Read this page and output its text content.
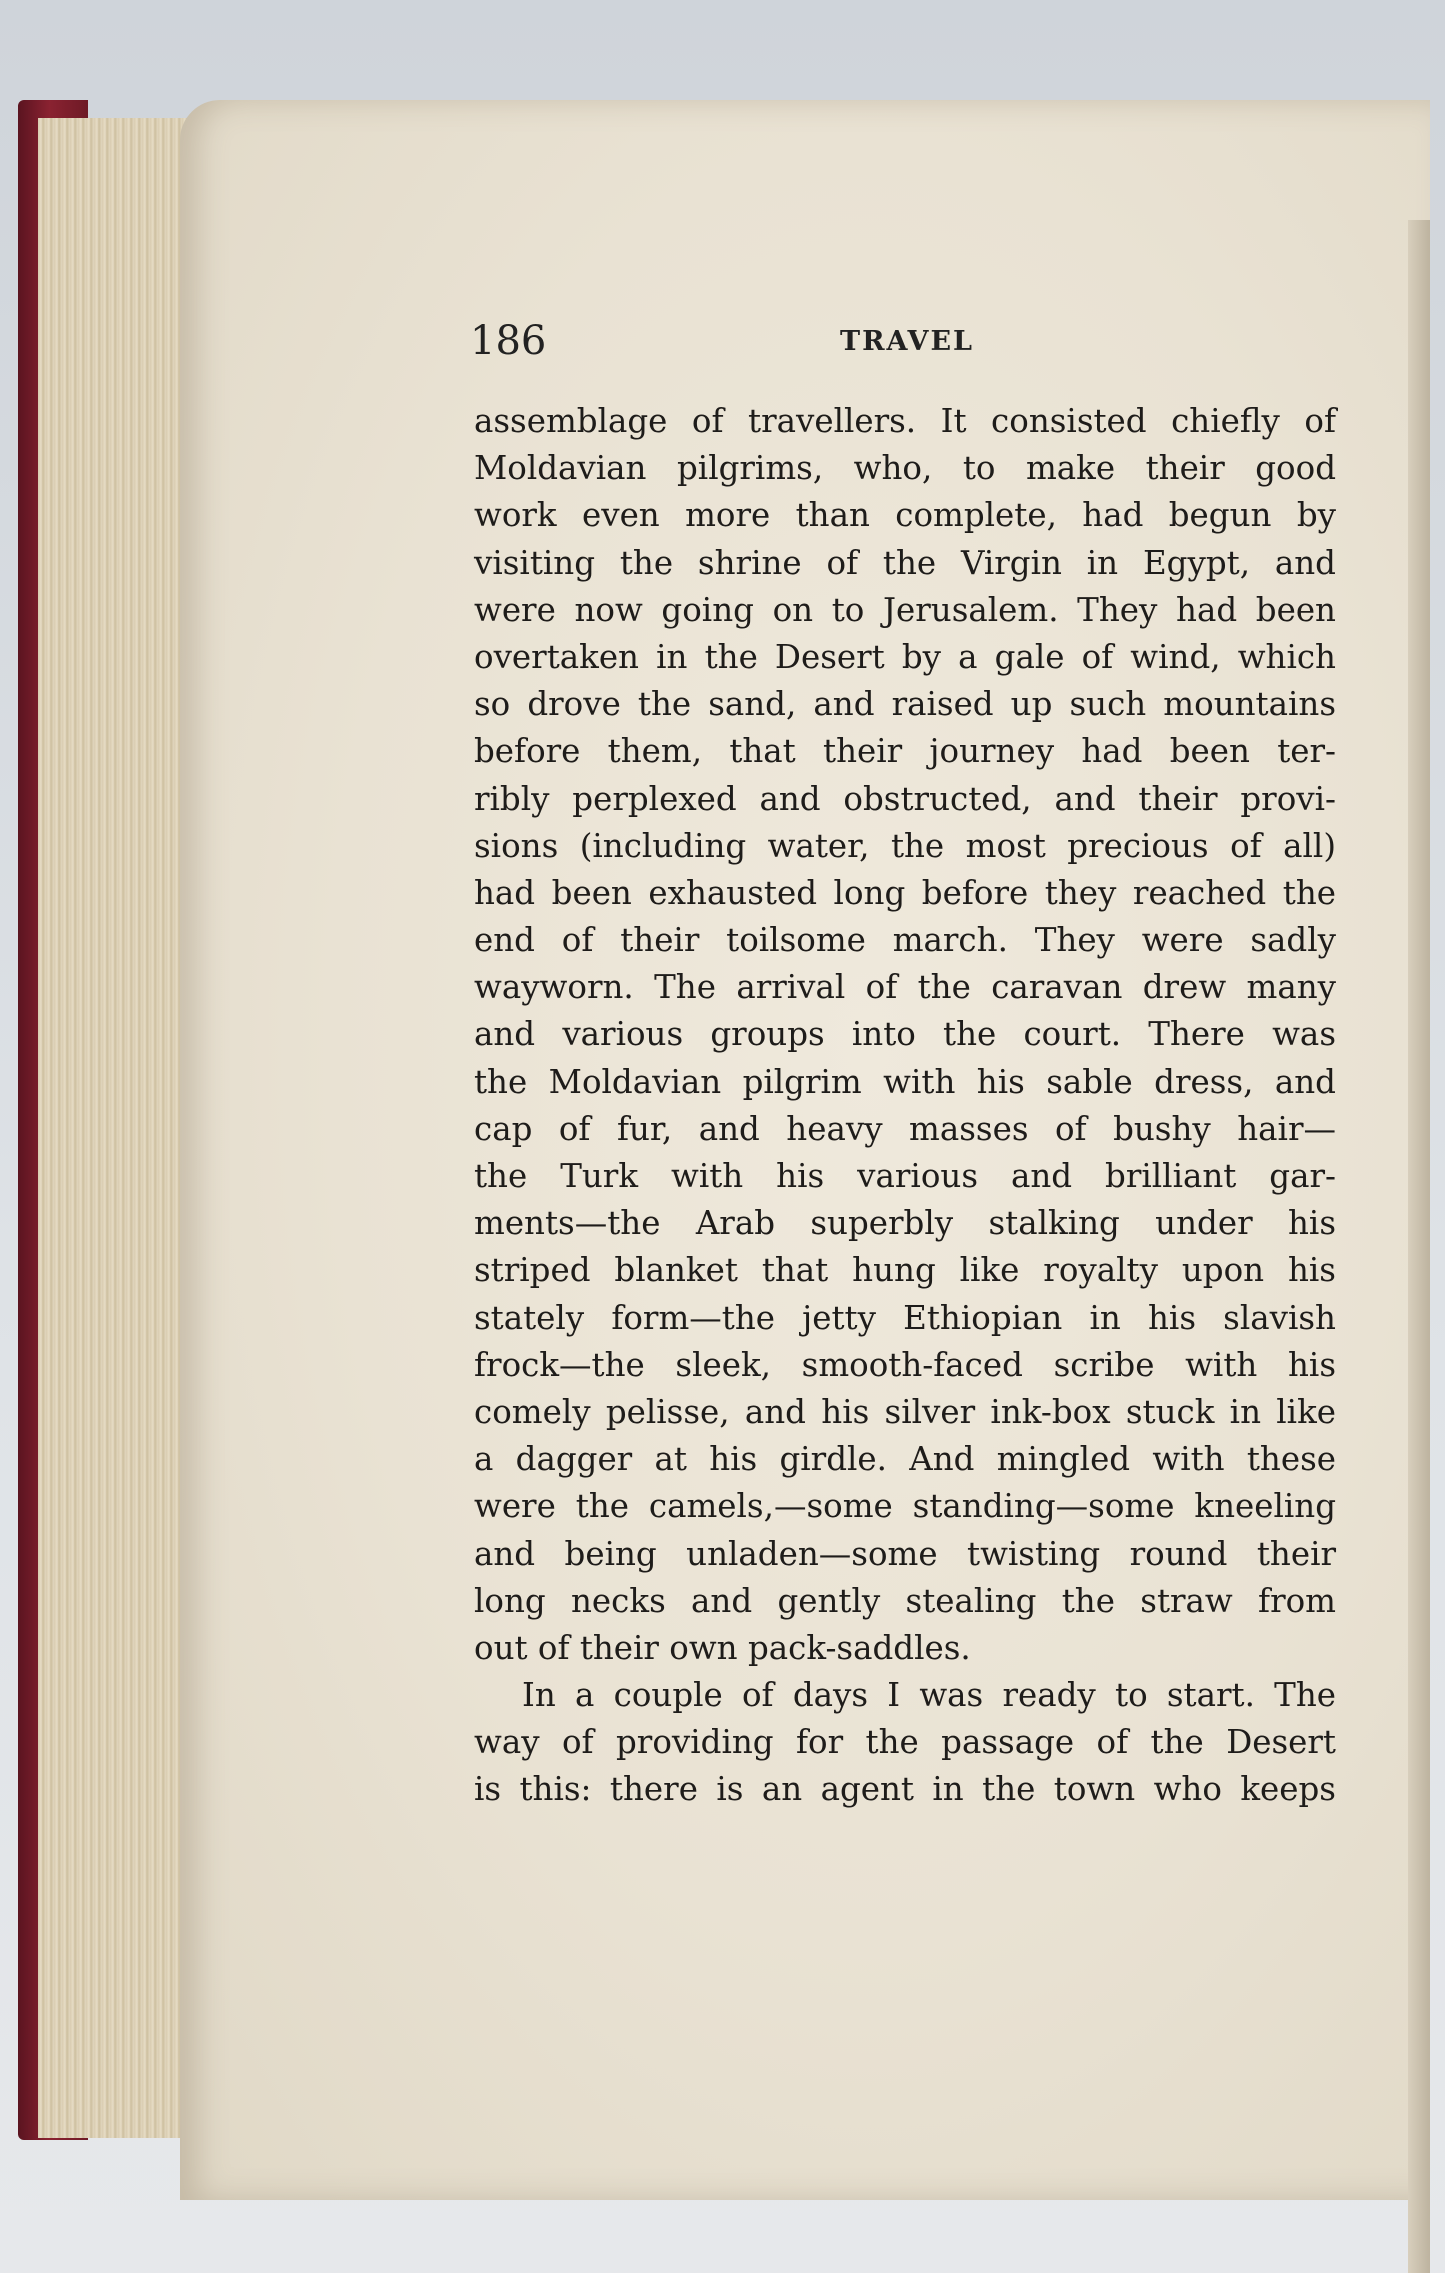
186	TRAVEL
assemblage of travellers. It consisted chiefly of
Moldavian pilgrims, who, to make their good
work even more than complete, had begun by
visiting the shrine of the Virgin in Egypt, and
were now going on to Jerusalem. They had been
overtaken in the Desert by a gale of wind, which
so drove the sand, and raised up such mountains
before them, that their journey had been ter-
ribly perplexed and obstructed, and their provi-
sions (including water, the most precious of all)
had been exhausted long before they reached the
end of their toilsome march. They were sadly
wayworn. The arrival of the caravan drew many
and various groups into the court. There was
the Moldavian pilgrim with his sable dress, and
cap of fur, and heavy masses of bushy hair—
the Turk with his various and brilliant gar-
ments—the Arab superbly stalking under his
striped blanket that hung like royalty upon his
stately form—the jetty Ethiopian in his slavish
frock—the sleek, smooth-faced scribe with his
comely pelisse, and his silver ink-box stuck in like
a dagger at his girdle. And mingled with these
were the camels,—some standing—some kneeling
and being unladen—some twisting round their
long necks and gently stealing the straw from
out of their own pack-saddles.
In a couple of days I was ready to start. The
way of providing for the passage of the Desert
is this: there is an agent in the town who keeps
